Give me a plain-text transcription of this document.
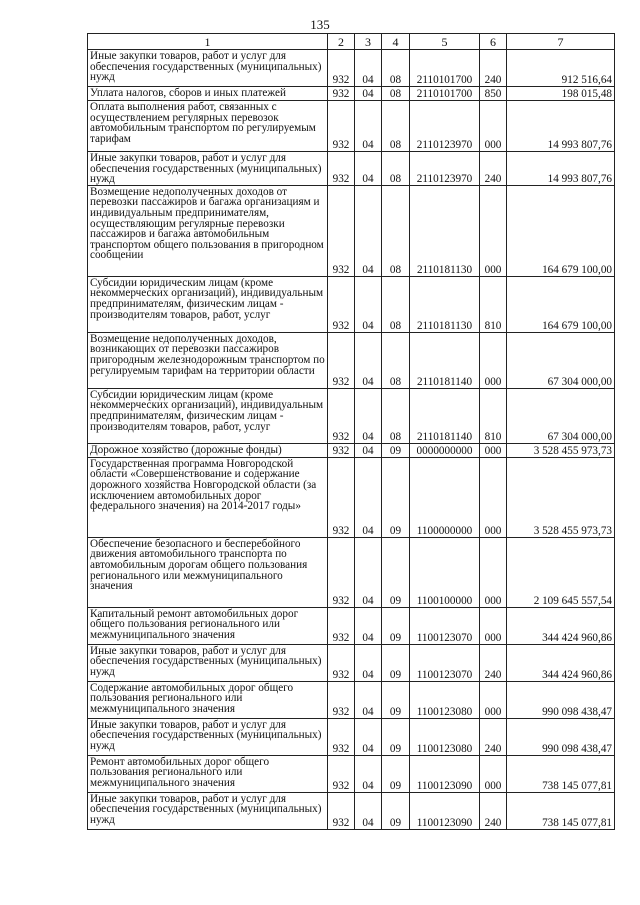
135
1	2	3	4	5	6	7
Иные закупки товаров, работ и услуг для обеспечения государственных (муниципальных) нужд	932	04	08	2110101700	240	912 516,64
Уплата налогов, сборов и иных платежей	932	04	08	2110101700	850	198 015,48
Оплата выполнения работ, связанных с осуществлением регулярных перевозок автомобильным транспортом по регулируемым тарифам	932	04	08	2110123970	000	14 993 807,76
Иные закупки товаров, работ и услуг для обеспечения государственных (муниципальных) нужд	932	04	08	2110123970	240	14 993 807,76
Возмещение недополученных доходов от перевозки пассажиров и багажа организациям и индивидуальным предпринимателям, осуществляющим регулярные перевозки пассажиров и багажа автомобильным транспортом общего пользования в пригородном сообщении	932	04	08	2110181130	000	164 679 100,00
Субсидии юридическим лицам (кроме некоммерческих организаций), индивидуальным предпринимателям, физическим лицам - производителям товаров, работ, услуг	932	04	08	2110181130	810	164 679 100,00
Возмещение недополученных доходов, возникающих от перевозки пассажиров пригородным железнодорожным транспортом по регулируемым тарифам на территории области	932	04	08	2110181140	000	67 304 000,00
Субсидии юридическим лицам (кроме некоммерческих организаций), индивидуальным предпринимателям, физическим лицам - производителям товаров, работ, услуг	932	04	08	2110181140	810	67 304 000,00
Дорожное хозяйство (дорожные фонды)	932	04	09	0000000000	000	3 528 455 973,73
Государственная программа Новгородской области «Совершенствование и содержание дорожного хозяйства Новгородской области (за исключением автомобильных дорог федерального значения) на 2014-2017 годы»	932	04	09	1100000000	000	3 528 455 973,73
Обеспечение безопасного и бесперебойного движения автомобильного транспорта по автомобильным дорогам общего пользования регионального или межмуниципального значения	932	04	09	1100100000	000	2 109 645 557,54
Капитальный ремонт автомобильных дорог общего пользования регионального или межмуниципального значения	932	04	09	1100123070	000	344 424 960,86
Иные закупки товаров, работ и услуг для обеспечения государственных (муниципальных) нужд	932	04	09	1100123070	240	344 424 960,86
Содержание автомобильных дорог общего пользования регионального или межмуниципального значения	932	04	09	1100123080	000	990 098 438,47
Иные закупки товаров, работ и услуг для обеспечения государственных (муниципальных) нужд	932	04	09	1100123080	240	990 098 438,47
Ремонт автомобильных дорог общего пользования регионального или межмуниципального значения	932	04	09	1100123090	000	738 145 077,81
Иные закупки товаров, работ и услуг для обеспечения государственных (муниципальных) нужд	932	04	09	1100123090	240	738 145 077,81
